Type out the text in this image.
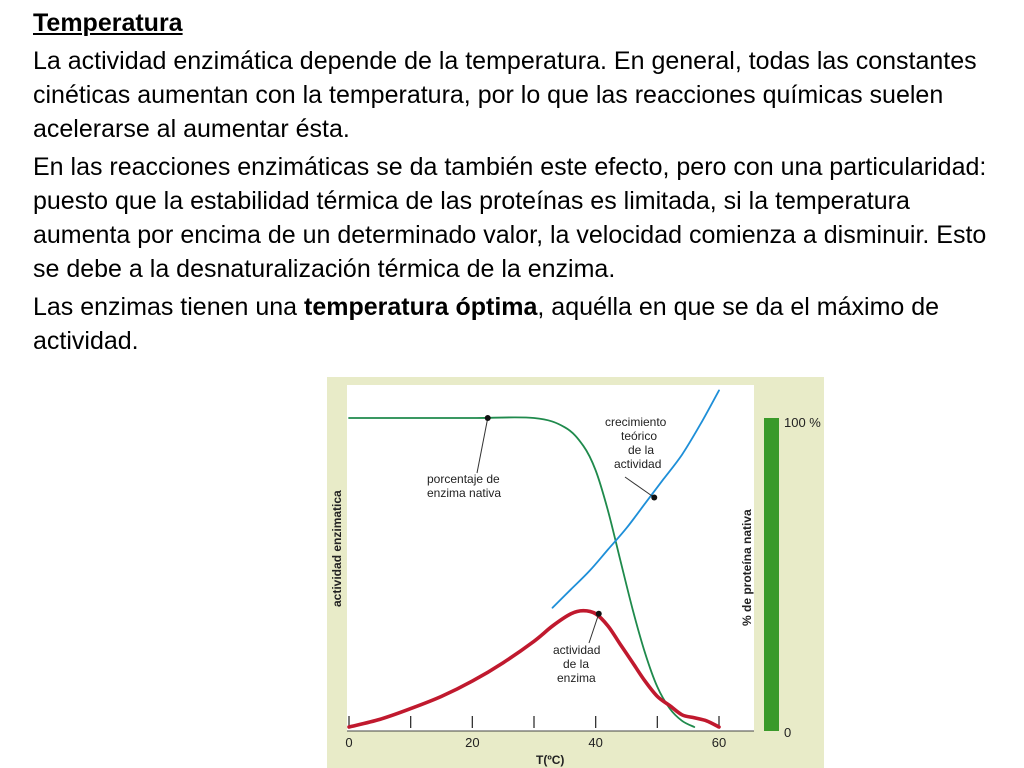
Temperatura
La actividad enzimática depende de la temperatura. En general, todas las constantes cinéticas aumentan con la temperatura, por lo que las reacciones químicas suelen acelerarse al aumentar ésta.
En las reacciones enzimáticas se da también este efecto, pero con una particularidad: puesto que la estabilidad térmica de las proteínas es limitada, si la temperatura aumenta por encima de un determinado valor, la velocidad comienza a disminuir. Esto se debe a la desnaturalización térmica de la enzima.
Las enzimas tienen una temperatura óptima, aquélla en que se da el máximo de actividad.
100 %
0
% de proteína nativa
actividad enzimatica
T(ºC)
0	20	40	60
porcentaje de
enzima nativa
crecimiento
teórico
de la
actividad
actividad
de la
enzima
